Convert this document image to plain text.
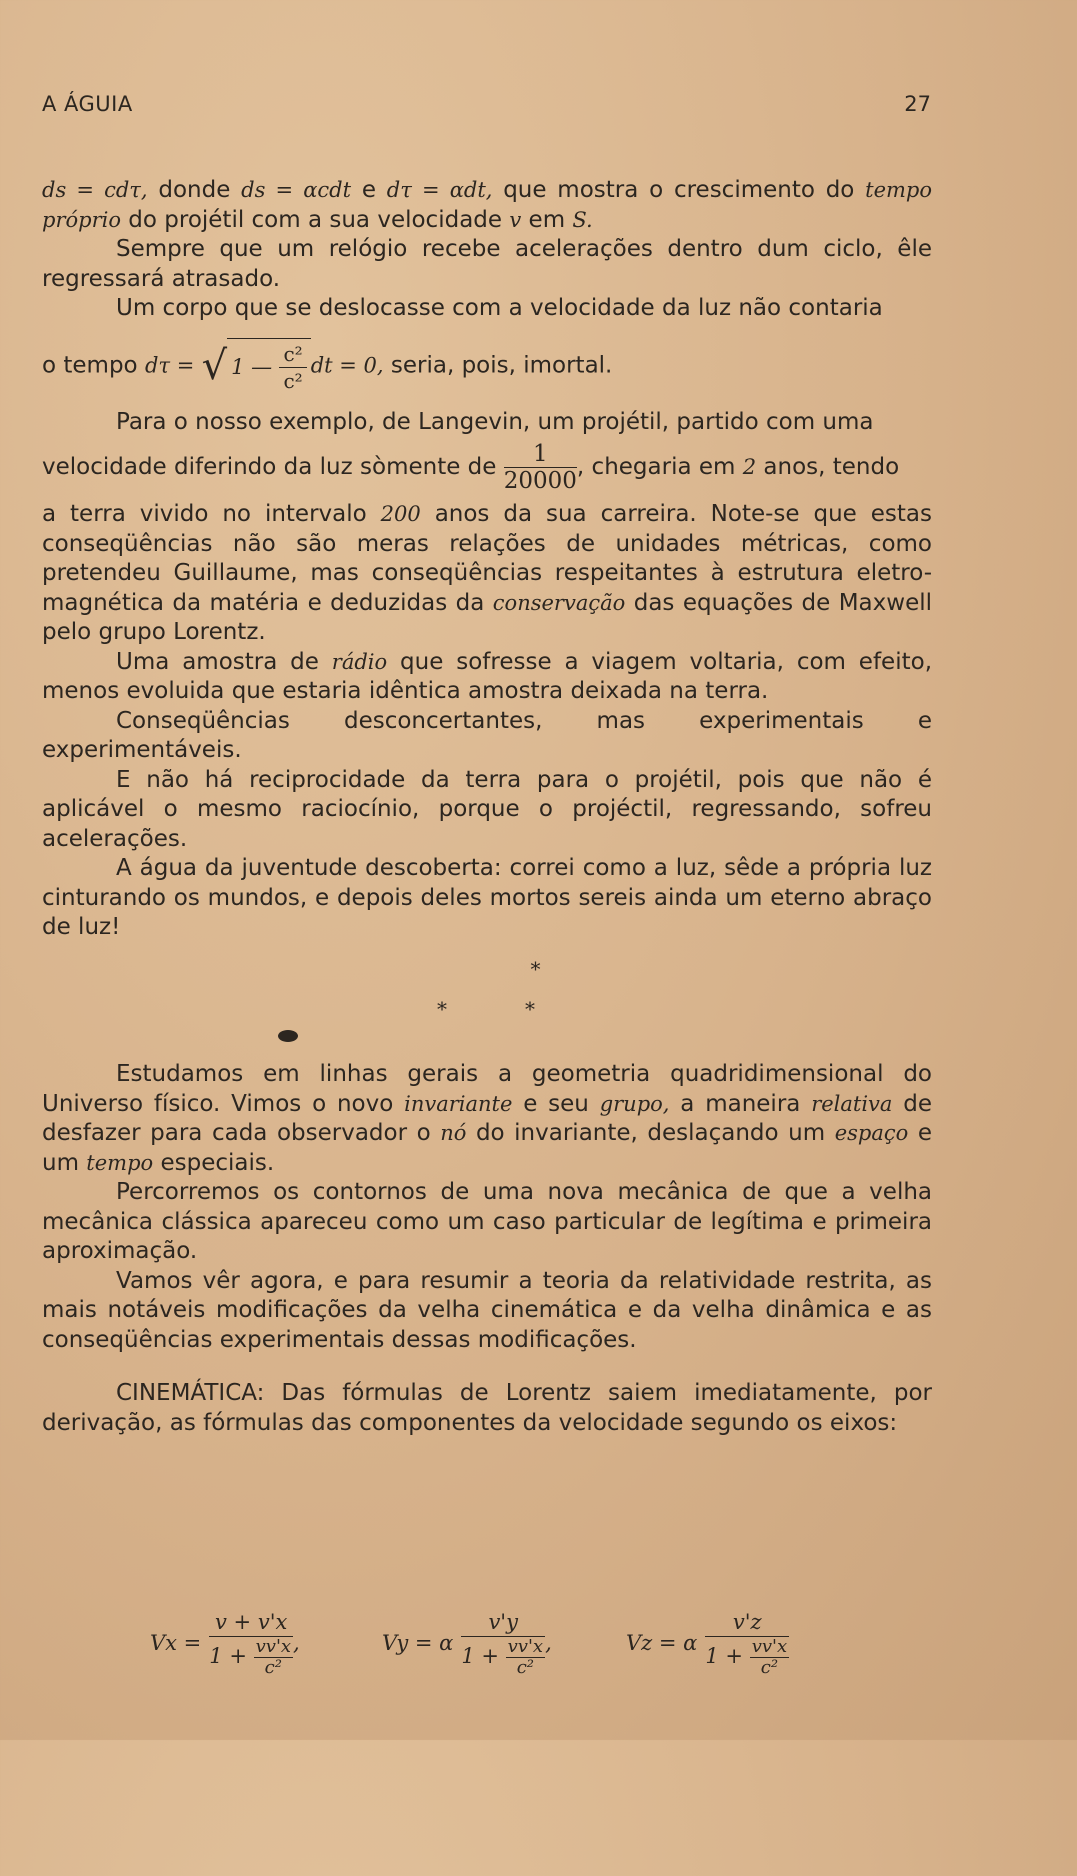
A ÁGUIA	27

ds = cdτ, donde ds = αcdt e dτ = αdt, que mostra o crescimento do tempo próprio do projétil com a sua velocidade v em S.

Sempre que um relógio recebe acelerações dentro dum ciclo, êle regressará atrasado.

Um corpo que se deslocasse com a velocidade da luz não contaria

o tempo dτ = √ 1 — $\frac{\text{c²}}{\text{c²}}$ dt = 0, seria, pois, imortal.

Para o nosso exemplo, de Langevin, um projétil, partido com uma

velocidade diferindo da luz sòmente de $\frac{1}{20000}$ , chegaria em 2 anos, tendo

a terra vivido no intervalo 200 anos da sua carreira. Note-se que estas conseqüências não são meras relações de unidades métricas, como pretendeu Guillaume, mas conseqüências respeitantes à estrutura eletro-magnética da matéria e deduzidas da conservação das equações de Maxwell pelo grupo Lorentz.

Uma amostra de rádio que sofresse a viagem voltaria, com efeito, menos evoluida que estaria idêntica amostra deixada na terra.

Conseqüências desconcertantes, mas experimentais e experimentáveis.

E não há reciprocidade da terra para o projétil, pois que não é aplicável o mesmo raciocínio, porque o projéctil, regressando, sofreu acelerações.

A água da juventude descoberta: correi como a luz, sêde a própria luz cinturando os mundos, e depois deles mortos sereis ainda um eterno abraço de luz!

*
*	*

Estudamos em linhas gerais a geometria quadridimensional do Universo físico. Vimos o novo invariante e seu grupo, a maneira relativa de desfazer para cada observador o nó do invariante, deslaçando um espaço e um tempo especiais.

Percorremos os contornos de uma nova mecânica de que a velha mecânica clássica apareceu como um caso particular de legítima e primeira aproximação.

Vamos vêr agora, e para resumir a teoria da relatividade restrita, as mais notáveis modificações da velha cinemática e da velha dinâmica e as conseqüências experimentais dessas modificações.

CINEMÁTICA: Das fórmulas de Lorentz saiem imediatamente, por derivação, as fórmulas das componentes da velocidade segundo os eixos:

$Vx = \frac{v + v'x}{1 + \frac{vv'x}{\text{c²}}}$ ,	Vy = α $\frac{v'y}{1 + \frac{vv'x}{\text{c²}}}$ ,	Vz = α $\frac{v'z}{1 + \frac{vv'x}{\text{c²}}}$
